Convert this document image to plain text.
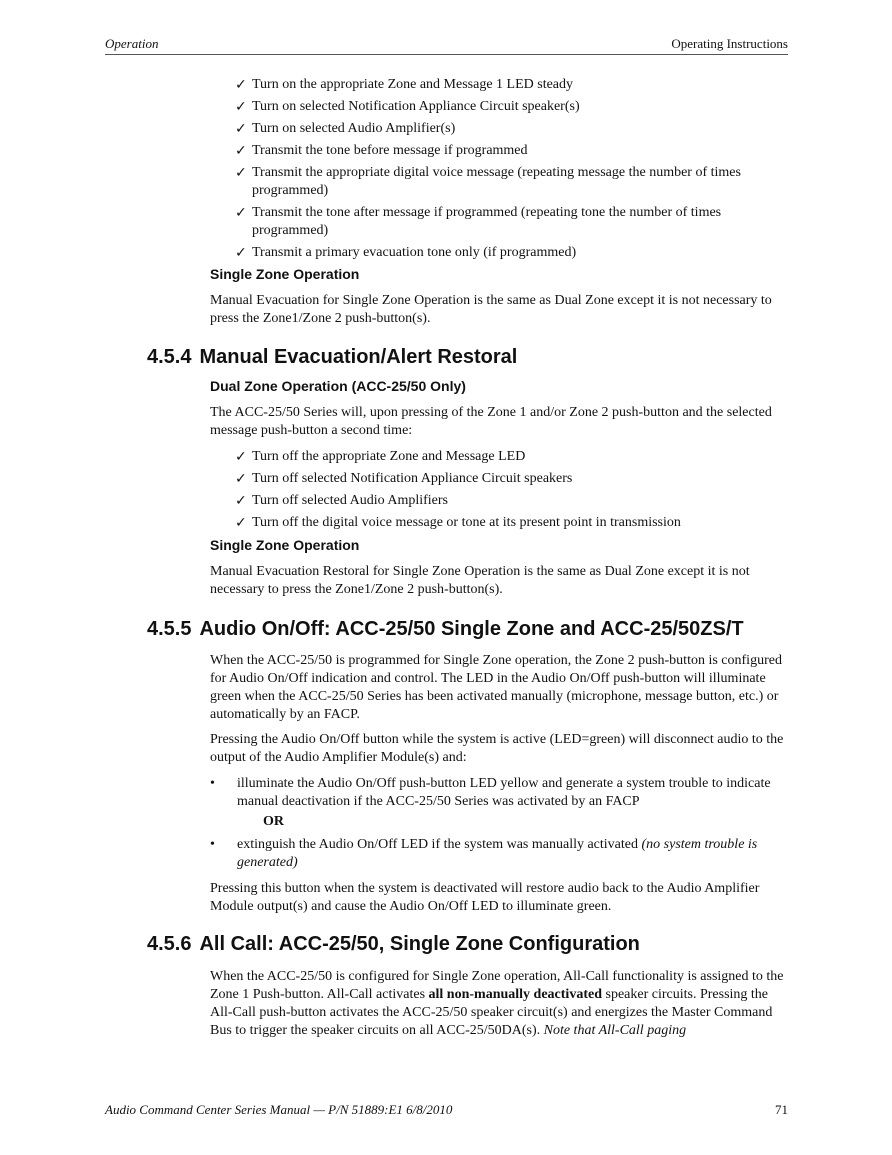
Operation	Operating Instructions
✓ Turn on the appropriate Zone and Message 1 LED steady
✓ Turn on selected Notification Appliance Circuit speaker(s)
✓ Turn on selected Audio Amplifier(s)
✓ Transmit the tone before message if programmed
✓ Transmit the appropriate digital voice message (repeating message the number of times programmed)
✓ Transmit the tone after message if programmed (repeating tone the number of times programmed)
✓ Transmit a primary evacuation tone only (if programmed)
Single Zone Operation

Manual Evacuation for Single Zone Operation is the same as Dual Zone except it is not necessary to press the Zone1/Zone 2 push-button(s).

4.5.4 Manual Evacuation/Alert Restoral
Dual Zone Operation (ACC-25/50 Only)

The ACC-25/50 Series will, upon pressing of the Zone 1 and/or Zone 2 push-button and the selected message push-button a second time:

✓ Turn off the appropriate Zone and Message LED
✓ Turn off selected Notification Appliance Circuit speakers
✓ Turn off selected Audio Amplifiers
✓ Turn off the digital voice message or tone at its present point in transmission
Single Zone Operation

Manual Evacuation Restoral for Single Zone Operation is the same as Dual Zone except it is not necessary to press the Zone1/Zone 2 push-button(s).

4.5.5 Audio On/Off: ACC-25/50 Single Zone and ACC-25/50ZS/T

When the ACC-25/50 is programmed for Single Zone operation, the Zone 2 push-button is configured for Audio On/Off indication and control. The LED in the Audio On/Off push-button will illuminate green when the ACC-25/50 Series has been activated manually (microphone, message button, etc.) or automatically by an FACP.

Pressing the Audio On/Off button while the system is active (LED=green) will disconnect audio to the output of the Audio Amplifier Module(s) and:

• illuminate the Audio On/Off push-button LED yellow and generate a system trouble to indicate manual deactivation if the ACC-25/50 Series was activated by an FACP
OR
• extinguish the Audio On/Off LED if the system was manually activated (no system trouble is generated)

Pressing this button when the system is deactivated will restore audio back to the Audio Amplifier Module output(s) and cause the Audio On/Off LED to illuminate green.

4.5.6 All Call: ACC-25/50, Single Zone Configuration

When the ACC-25/50 is configured for Single Zone operation, All-Call functionality is assigned to the Zone 1 Push-button. All-Call activates all non-manually deactivated speaker circuits. Pressing the All-Call push-button activates the ACC-25/50 speaker circuit(s) and energizes the Master Command Bus to trigger the speaker circuits on all ACC-25/50DA(s). Note that All-Call paging

Audio Command Center Series Manual — P/N 51889:E1 6/8/2010	71
